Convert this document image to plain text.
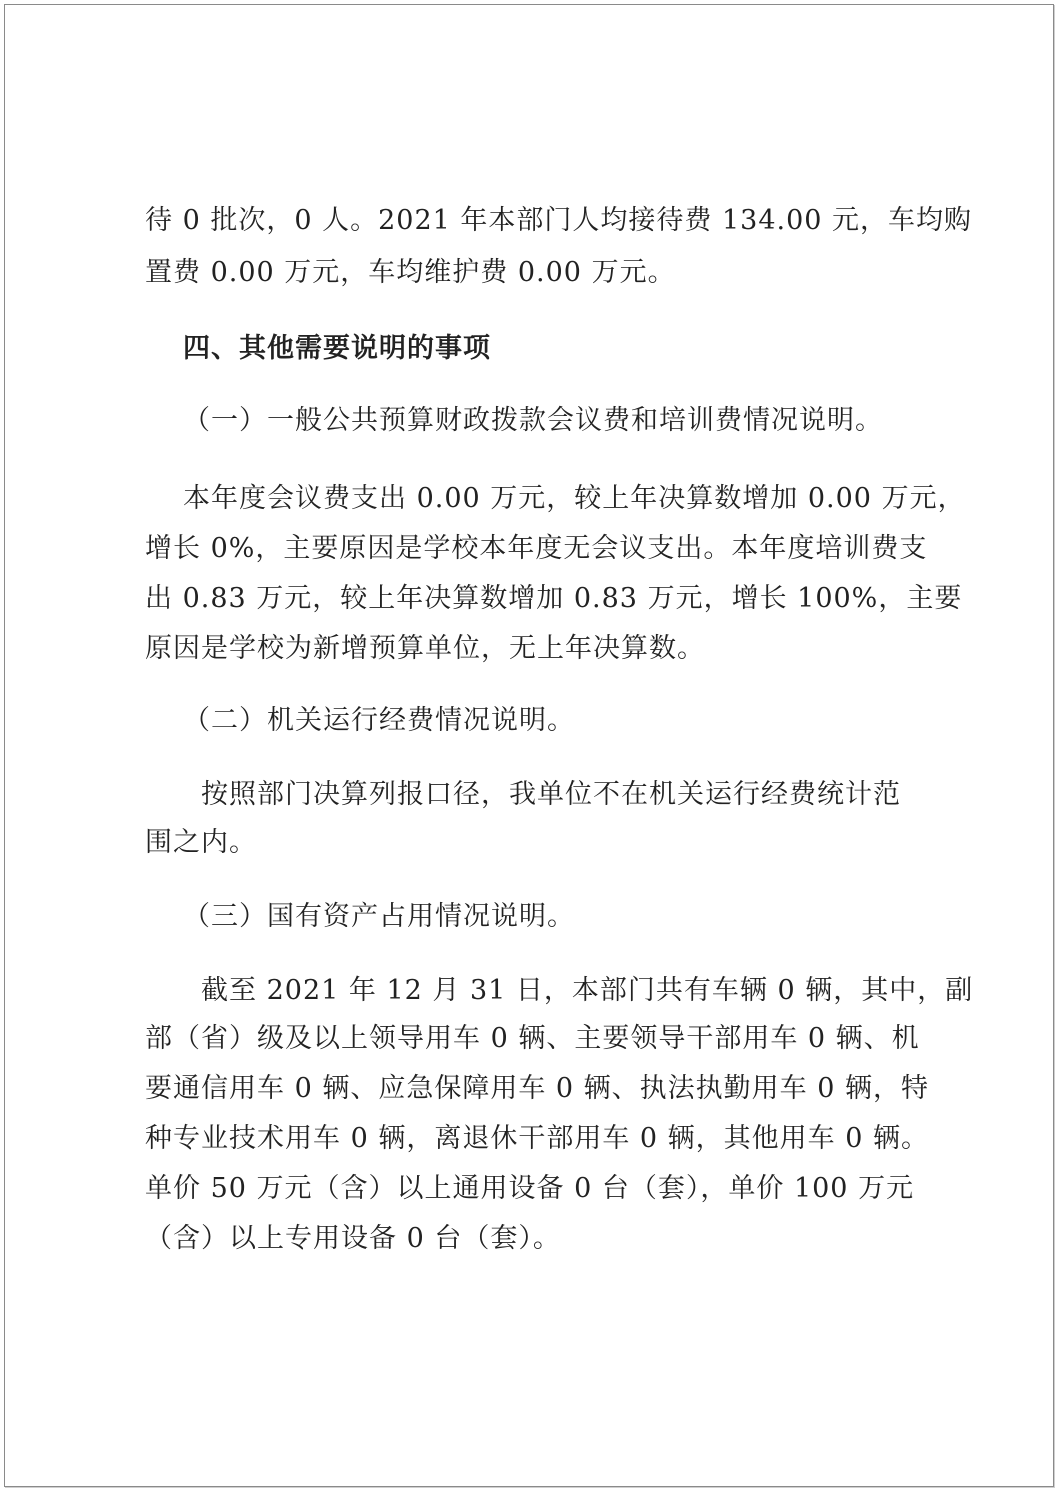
待 0 批次，0 人。2021 年本部门人均接待费 134.00 元，车均购
置费 0.00 万元，车均维护费 0.00 万元。
四、其他需要说明的事项
（一）一般公共预算财政拨款会议费和培训费情况说明。
本年度会议费支出 0.00 万元，较上年决算数增加 0.00 万元，
增长 0%，主要原因是学校本年度无会议支出。本年度培训费支
出 0.83 万元，较上年决算数增加 0.83 万元，增长 100%，主要
原因是学校为新增预算单位，无上年决算数。
（二）机关运行经费情况说明。
按照部门决算列报口径，我单位不在机关运行经费统计范
围之内。
（三）国有资产占用情况说明。
截至 2021 年 12 月 31 日，本部门共有车辆 0 辆，其中，副
部（省）级及以上领导用车 0 辆、主要领导干部用车 0 辆、机
要通信用车 0 辆、应急保障用车 0 辆、执法执勤用车 0 辆，特
种专业技术用车 0 辆，离退休干部用车 0 辆，其他用车 0 辆。
单价 50 万元（含）以上通用设备 0 台（套），单价 100 万元
（含）以上专用设备 0 台（套）。
